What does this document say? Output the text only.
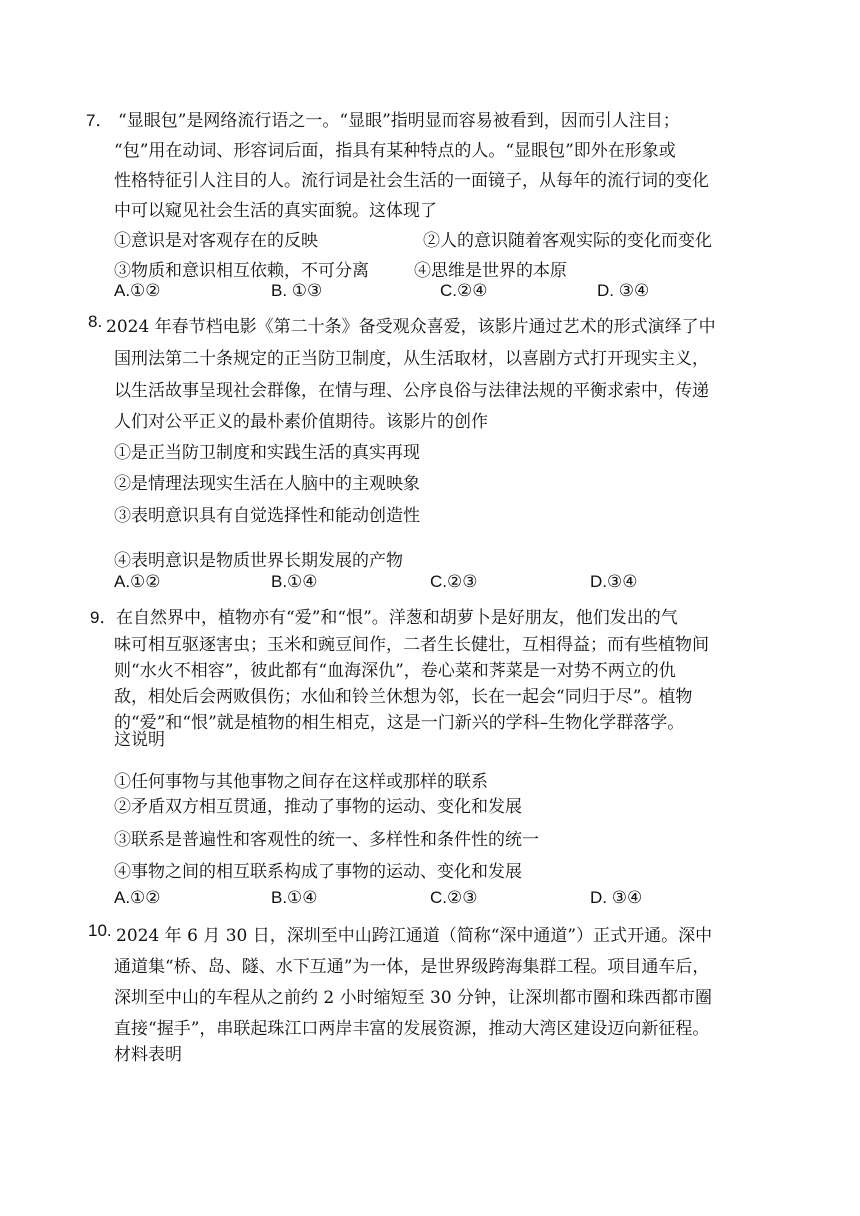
7． “显眼包”是网络流行语之一。“显眼”指明显而容易被看到，因而引人注目；
“包”用在动词、形容词后面，指具有某种特点的人。“显眼包”即外在形象或
性格特征引人注目的人。流行词是社会生活的一面镜子，从每年的流行词的变化
中可以窥见社会生活的真实面貌。这体现了
①意识是对客观存在的反映	②人的意识随着客观实际的变化而变化
③物质和意识相互依赖，不可分离	④思维是世界的本原
A.①②	B. ①③	C.②④	D. ③④
8. 2024 年春节档电影《第二十条》备受观众喜爱，该影片通过艺术的形式演绎了中
国刑法第二十条规定的正当防卫制度，从生活取材，以喜剧方式打开现实主义，
以生活故事呈现社会群像，在情与理、公序良俗与法律法规的平衡求索中，传递
人们对公平正义的最朴素价值期待。该影片的创作
①是正当防卫制度和实践生活的真实再现
②是情理法现实生活在人脑中的主观映象
③表明意识具有自觉选择性和能动创造性
④表明意识是物质世界长期发展的产物
A.①②	B.①④	C.②③	D.③④
9． 在自然界中，植物亦有“爱”和“恨”。洋葱和胡萝卜是好朋友，他们发出的气
味可相互驱逐害虫；玉米和豌豆间作，二者生长健壮，互相得益；而有些植物间
则“水火不相容”，彼此都有“血海深仇”，卷心菜和荠菜是一对势不两立的仇
敌，相处后会两败俱伤；水仙和铃兰休想为邻，长在一起会“同归于尽”。植物
的“爱”和“恨”就是植物的相生相克，这是一门新兴的学科–生物化学群落学。
这说明
①任何事物与其他事物之间存在这样或那样的联系
②矛盾双方相互贯通，推动了事物的运动、变化和发展
③联系是普遍性和客观性的统一、多样性和条件性的统一
④事物之间的相互联系构成了事物的运动、变化和发展
A.①②	B.①④	C.②③	D. ③④
10. 2024 年 6 月 30 日，深圳至中山跨江通道（简称“深中通道”）正式开通。深中
通道集“桥、岛、隧、水下互通”为一体，是世界级跨海集群工程。项目通车后，
深圳至中山的车程从之前约 2 小时缩短至 30 分钟，让深圳都市圈和珠西都市圈
直接“握手”，串联起珠江口两岸丰富的发展资源，推动大湾区建设迈向新征程。
材料表明
